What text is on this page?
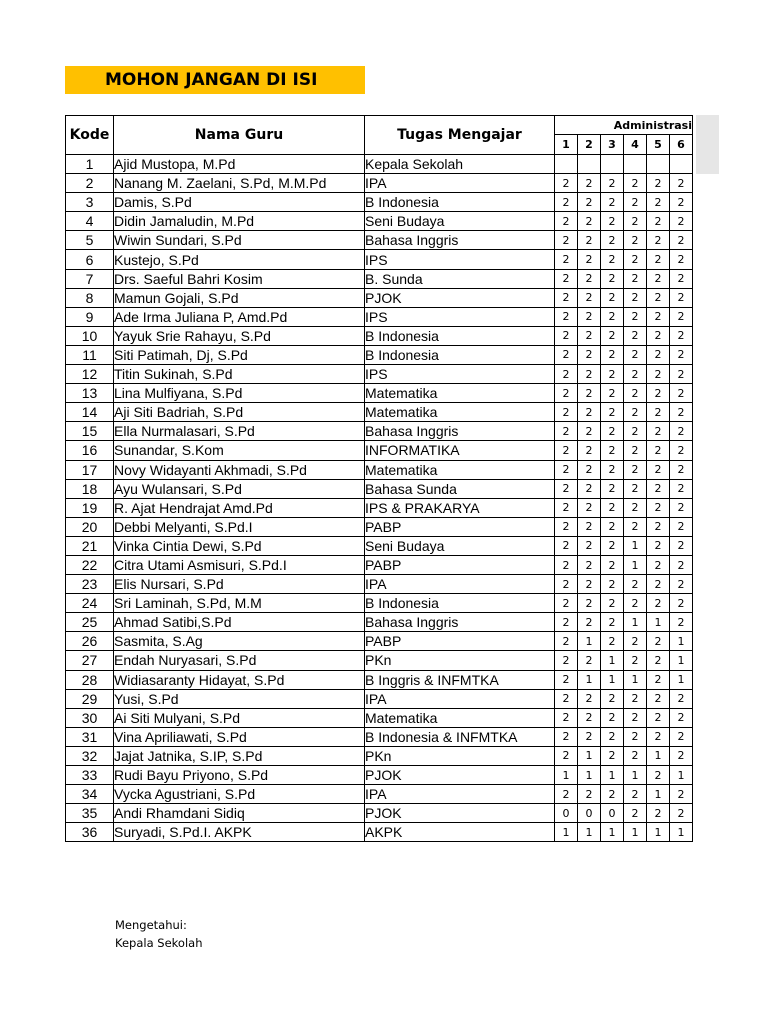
MOHON JANGAN DI ISI
Kode	Nama Guru	Tugas Mengajar	Administrasi					
			1	2	3	4	5	6
1	Ajid Mustopa, M.Pd	Kepala Sekolah						
2	Nanang M. Zaelani, S.Pd, M.M.Pd	IPA	2	2	2	2	2	2
3	Damis, S.Pd	B Indonesia	2	2	2	2	2	2
4	Didin Jamaludin, M.Pd	Seni Budaya	2	2	2	2	2	2
5	Wiwin Sundari, S.Pd	Bahasa Inggris	2	2	2	2	2	2
6	Kustejo, S.Pd	IPS	2	2	2	2	2	2
7	Drs. Saeful Bahri Kosim	B. Sunda	2	2	2	2	2	2
8	Mamun Gojali, S.Pd	PJOK	2	2	2	2	2	2
9	Ade Irma Juliana P, Amd.Pd	IPS	2	2	2	2	2	2
10	Yayuk Srie Rahayu, S.Pd	B Indonesia	2	2	2	2	2	2
11	Siti Patimah, Dj, S.Pd	B Indonesia	2	2	2	2	2	2
12	Titin Sukinah, S.Pd	IPS	2	2	2	2	2	2
13	Lina Mulfiyana, S.Pd	Matematika	2	2	2	2	2	2
14	Aji Siti Badriah, S.Pd	Matematika	2	2	2	2	2	2
15	Ella Nurmalasari, S.Pd	Bahasa Inggris	2	2	2	2	2	2
16	Sunandar, S.Kom	INFORMATIKA	2	2	2	2	2	2
17	Novy Widayanti Akhmadi, S.Pd	Matematika	2	2	2	2	2	2
18	Ayu Wulansari, S.Pd	Bahasa Sunda	2	2	2	2	2	2
19	R. Ajat Hendrajat Amd.Pd	IPS & PRAKARYA	2	2	2	2	2	2
20	Debbi Melyanti, S.Pd.I	PABP	2	2	2	2	2	2
21	Vinka Cintia Dewi, S.Pd	Seni Budaya	2	2	2	1	2	2
22	Citra Utami Asmisuri, S.Pd.I	PABP	2	2	2	1	2	2
23	Elis Nursari, S.Pd	IPA	2	2	2	2	2	2
24	Sri Laminah, S.Pd, M.M	B Indonesia	2	2	2	2	2	2
25	Ahmad Satibi,S.Pd	Bahasa Inggris	2	2	2	1	1	2
26	Sasmita, S.Ag	PABP	2	1	2	2	2	1
27	Endah Nuryasari, S.Pd	PKn	2	2	1	2	2	1
28	Widiasaranty Hidayat, S.Pd	B Inggris & INFMTKA	2	1	1	1	2	1
29	Yusi, S.Pd	IPA	2	2	2	2	2	2
30	Ai Siti Mulyani, S.Pd	Matematika	2	2	2	2	2	2
31	Vina Apriliawati, S.Pd	B Indonesia & INFMTKA	2	2	2	2	2	2
32	Jajat Jatnika, S.IP, S.Pd	PKn	2	1	2	2	1	2
33	Rudi Bayu Priyono, S.Pd	PJOK	1	1	1	1	2	1
34	Vycka Agustriani, S.Pd	IPA	2	2	2	2	1	2
35	Andi Rhamdani Sidiq	PJOK	0	0	0	2	2	2
36	Suryadi, S.Pd.I. AKPK	AKPK	1	1	1	1	1	1
Mengetahui:
Kepala Sekolah
